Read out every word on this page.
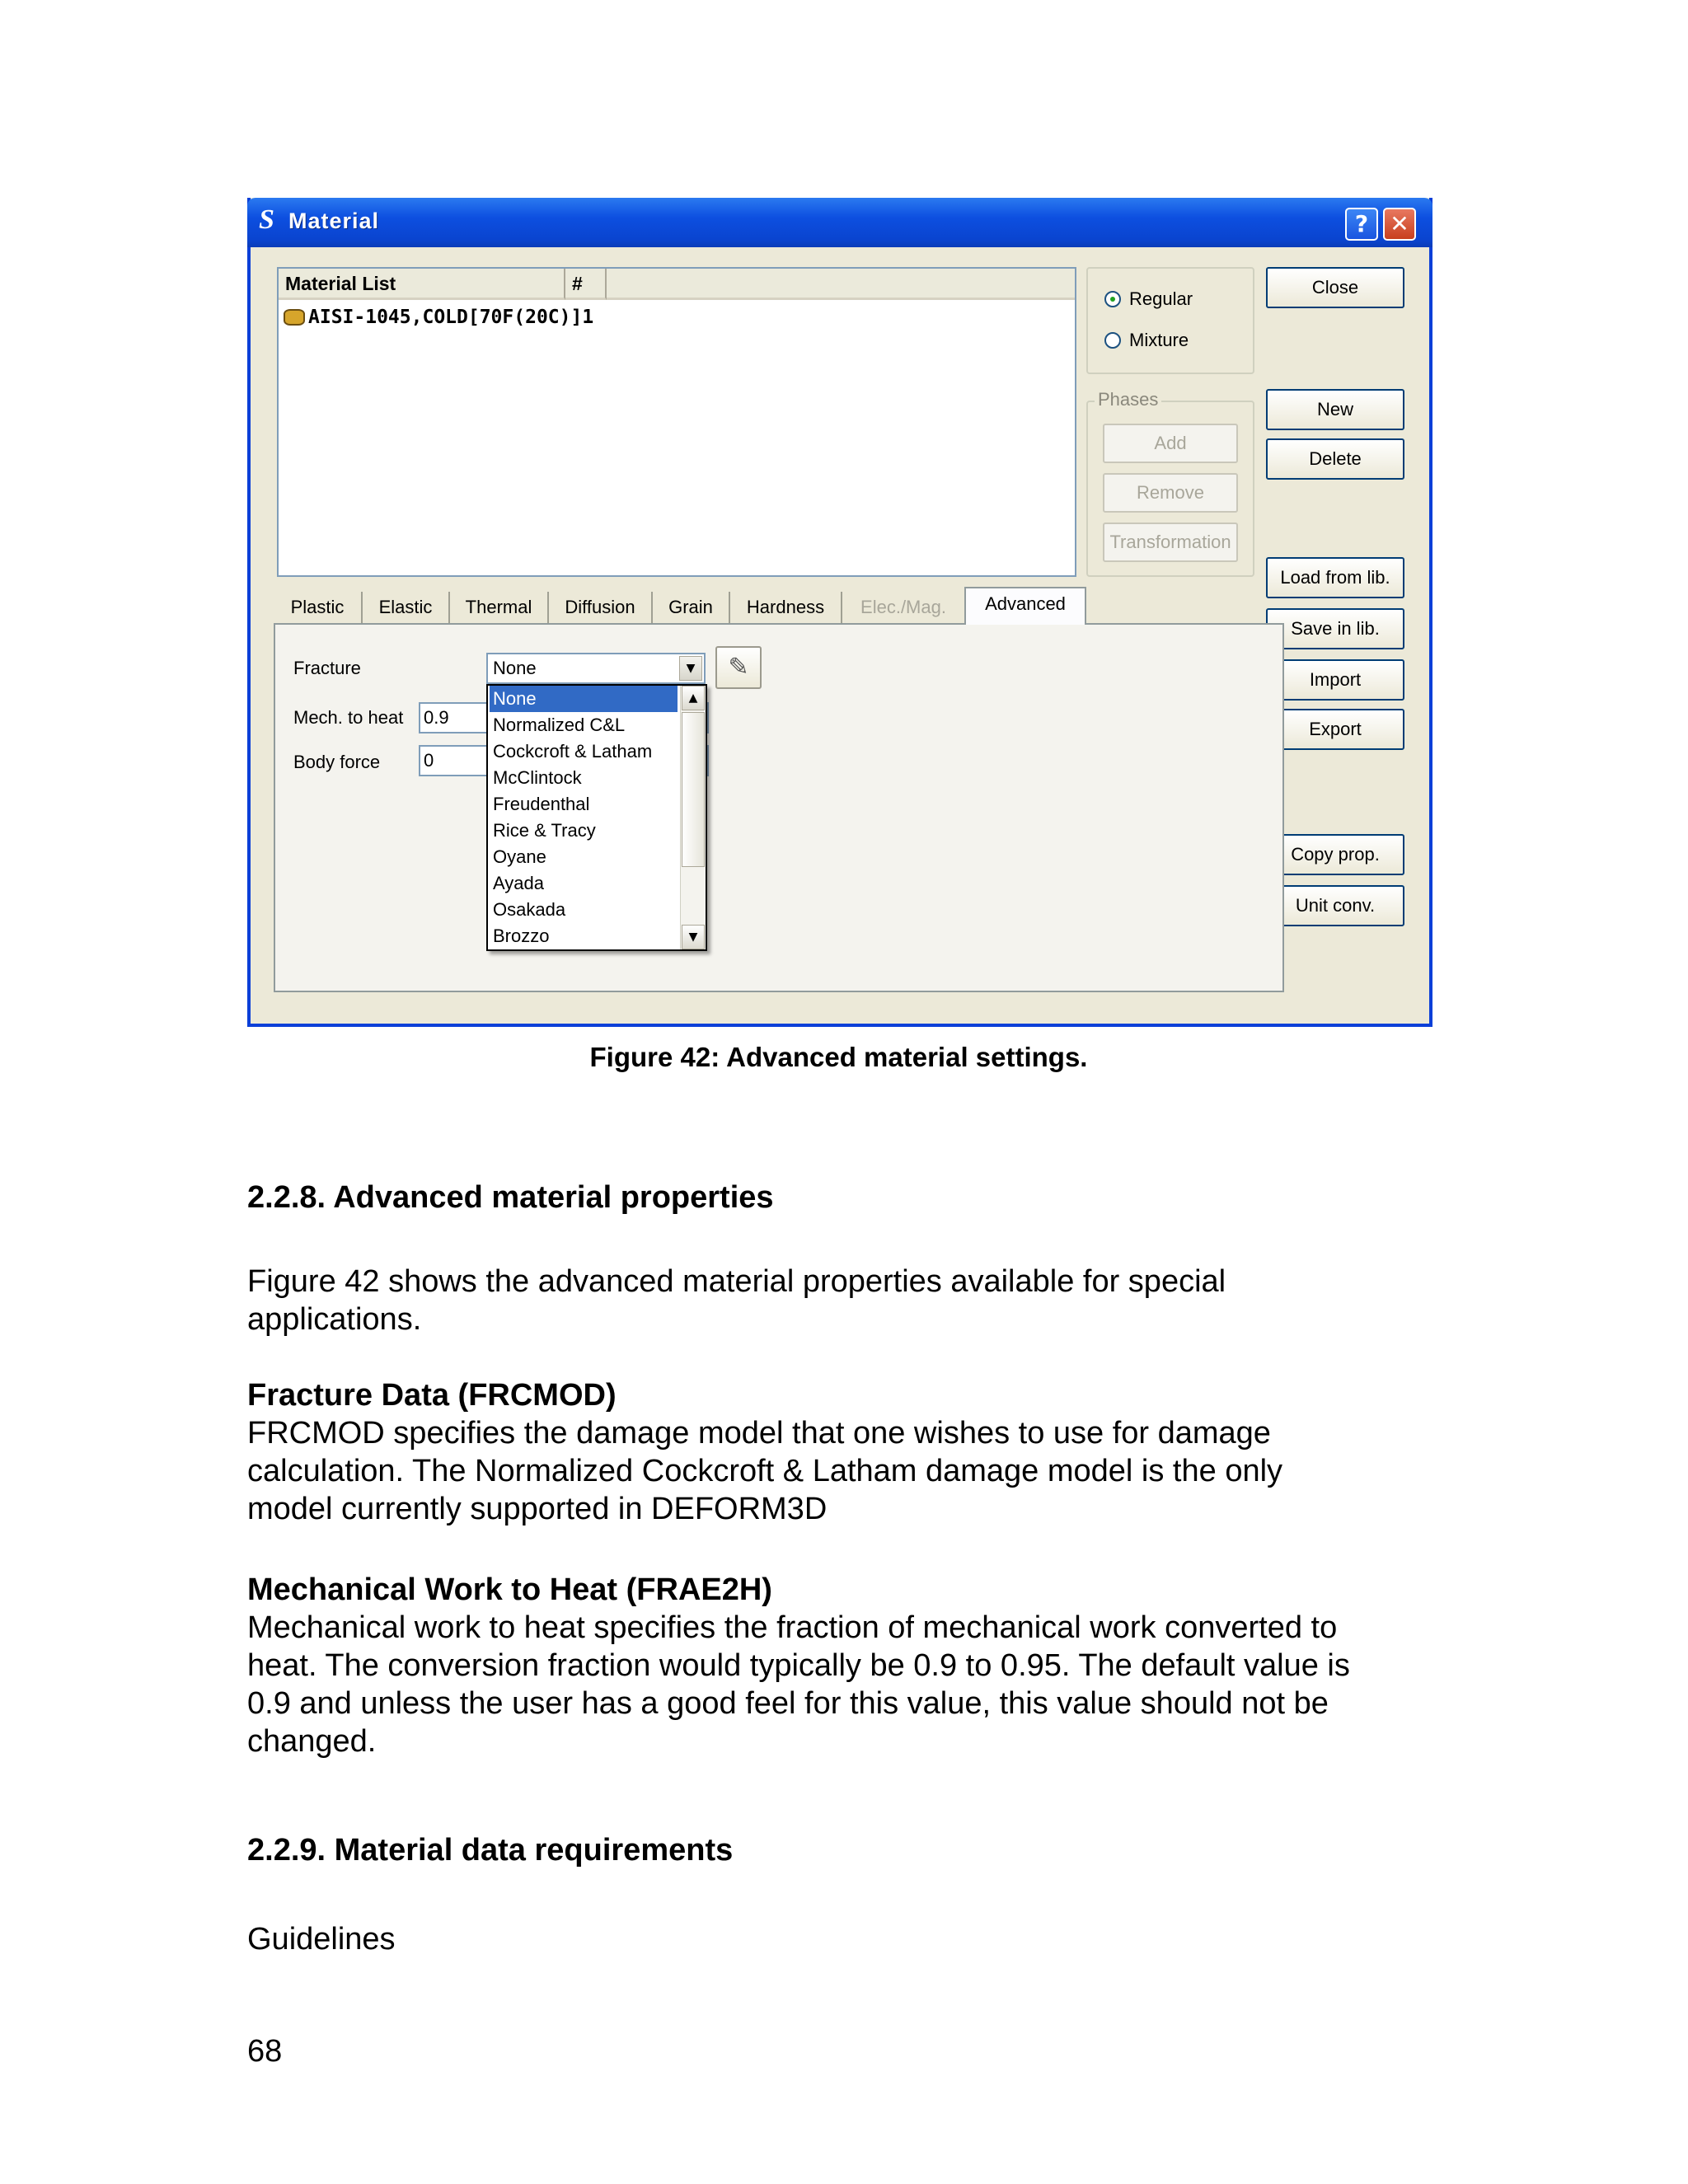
S Material	? ✕
Material List	#
AISI-1045,COLD[70F(20C)]1
Regular
Mixture
Phases
Add
Remove
Transformation
Close
New
Delete
Load from lib.
Save in lib.
Import
Export
Copy prop.
Unit conv.
Plastic	Elastic	Thermal	Diffusion	Grain	Hardness	Elec./Mag.	Advanced
Fracture	None	▼	✎
Mech. to heat 0.9
Body force 0
None
Normalized C&L
Cockcroft & Latham
McClintock
Freudenthal
Rice & Tracy
Oyane
Ayada
Osakada
Brozzo
▲
▼
Figure 42: Advanced material settings.
2.2.8. Advanced material properties
Figure 42 shows the advanced material properties available for special
applications.
Fracture Data (FRCMOD)
FRCMOD specifies the damage model that one wishes to use for damage
calculation. The Normalized Cockcroft & Latham damage model is the only
model currently supported in DEFORM3D
Mechanical Work to Heat (FRAE2H)
Mechanical work to heat specifies the fraction of mechanical work converted to
heat. The conversion fraction would typically be 0.9 to 0.95. The default value is
0.9 and unless the user has a good feel for this value, this value should not be
changed.
2.2.9. Material data requirements
Guidelines
68
